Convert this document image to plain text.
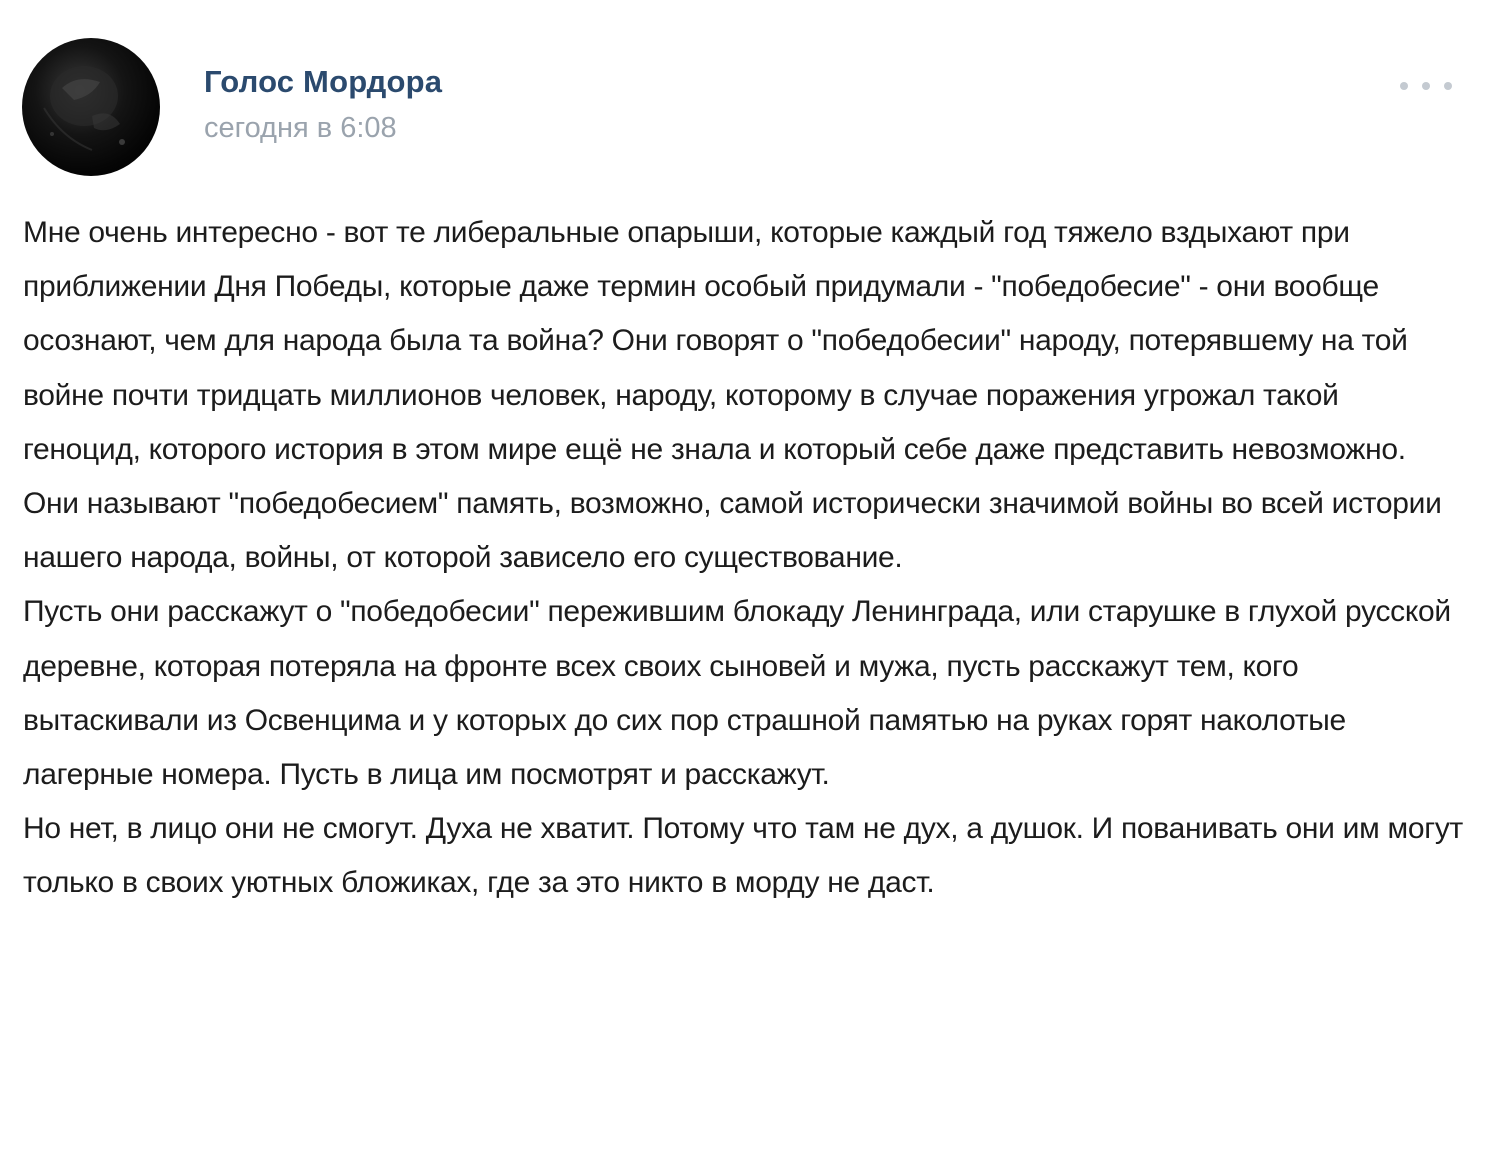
Голос Мордора
сегодня в 6:08

Мне очень интересно - вот те либеральные опарыши, которые каждый год тяжело вздыхают при приближении Дня Победы, которые даже термин особый придумали - "победобесие" - они вообще осознают, чем для народа была та война? Они говорят о "победобесии" народу, потерявшему на той войне почти тридцать миллионов человек, народу, которому в случае поражения угрожал такой геноцид, которого история в этом мире ещё не знала и который себе даже представить невозможно. Они называют "победобесием" память, возможно, самой исторически значимой войны во всей истории нашего народа, войны, от которой зависело его существование.

Пусть они расскажут о "победобесии" пережившим блокаду Ленинграда, или старушке в глухой русской деревне, которая потеряла на фронте всех своих сыновей и мужа, пусть расскажут тем, кого вытаскивали из Освенцима и у которых до сих пор страшной памятью на руках горят наколотые лагерные номера. Пусть в лица им посмотрят и расскажут.

Но нет, в лицо они не смогут. Духа не хватит. Потому что там не дух, а душок. И пованивать они им могут только в своих уютных бложиках, где за это никто в морду не даст.
